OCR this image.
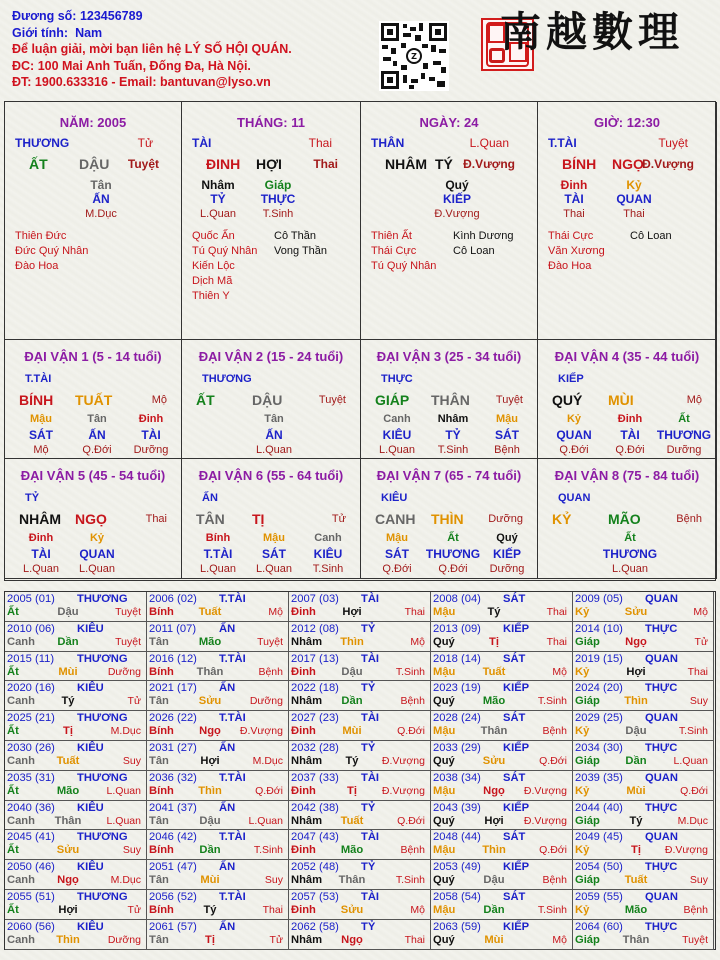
Đương số: 123456789
Giới tính: Nam
Để luận giải, mời bạn liên hệ LÝ SỐ HỘI QUÁN.
ĐC: 100 Mai Anh Tuấn, Đống Đa, Hà Nội.
ĐT: 1900.633316 - Email: bantuvan@lyso.vn
Z
南越數理
NĂM: 2005
THƯƠNG	Tử
ẤT DẬU Tuyệt
Tân
ẤN
M.Dục
Thiên Đức
Đức Quý Nhân
Đào Hoa
THÁNG: 11
TÀI	Thai
ĐINH HỢI	Thai
Nhâm
TỶ
L.Quan
Giáp
THỰC
T.Sinh
Quốc Ấn
Tú Quý Nhân
Kiến Lộc
Dịch Mã
Thiên Y
Cô Thần
Vong Thần
NGÀY: 24
THÂN	L.Quan
NHÂM TÝ Đ.Vượng
Quý
KIẾP
Đ.Vượng
Thiên Ất
Thái Cực
Tú Quý Nhân
Kình Dương
Cô Loan
GIỜ: 12:30
T.TÀI	Tuyệt
BÍNH NGỌ
Đ.Vượng
Đinh
TÀI
Thai
Kỷ
QUAN
Thai
Thái Cực
Văn Xương
Đào Hoa
Cô Loan
ĐẠI VẬN 1 (5 - 14 tuổi)
T.TÀI
BÍNH TUẤT	Mộ
Mậu
SÁT
Mộ
Tân
ẤN
Q.Đới
Đinh
TÀI
Dưỡng
ĐẠI VẬN 2 (15 - 24 tuổi)
THƯƠNG
ẤT	DẬU	Tuyệt
Tân
ẤN
L.Quan
ĐẠI VẬN 3 (25 - 34 tuổi)
THỰC
GIÁP THÂN Tuyệt
Canh
KIÊU
L.Quan
Nhâm
TỶ
T.Sinh
Mậu
SÁT
Bệnh
ĐẠI VẬN 4 (35 - 44 tuổi)
KIẾP
QUÝ MÙI	Mộ
Kỷ
QUAN
Q.Đới
Đinh
TÀI
Q.Đới
Ất
THƯƠNG
Dưỡng
ĐẠI VẬN 5 (45 - 54 tuổi)
TỶ
NHÂM NGỌ	Thai
Đinh
TÀI
L.Quan
Kỷ
QUAN
L.Quan
ĐẠI VẬN 6 (55 - 64 tuổi)
ẤN
TÂN TỊ	Tử
Bính
T.TÀI
L.Quan
Mậu
SÁT
L.Quan
Canh
KIÊU
T.Sinh
ĐẠI VẬN 7 (65 - 74 tuổi)
KIÊU
CANH THÌN Dưỡng
Mậu
SÁT
Q.Đới
Ất
THƯƠNG
Q.Đới
Quý
KIẾP
Dưỡng
ĐẠI VẬN 8 (75 - 84 tuổi)
QUAN
KỶ	MÃO	Bệnh
Ất
THƯƠNG
L.Quan
2005 (01) THƯƠNG
Ất	Dậu	Tuyệt
2006 (02) T.TÀI
Bính	Tuất	Mộ
2007 (03) TÀI
Đinh	Hợi	Thai
2008 (04) SÁT
Mậu	Tý	Thai
2009 (05) QUAN
Kỷ	Sửu	Mộ
2010 (06) KIÊU
Canh	Dần	Tuyệt
2011 (07) ẤN
Tân	Mão	Tuyệt
2012 (08) TỶ
Nhâm	Thìn	Mộ
2013 (09) KIẾP
Quý	Tị	Thai
2014 (10) THỰC
Giáp	Ngọ	Tử
2015 (11) THƯƠNG
Ất	Mùi	Dưỡng
2016 (12) T.TÀI
Bính	Thân	Bệnh
2017 (13) TÀI
Đinh	Dậu	T.Sinh
2018 (14) SÁT
Mậu	Tuất	Mộ
2019 (15) QUAN
Kỷ	Hợi	Thai
2020 (16) KIÊU
Canh	Tý	Tử
2021 (17) ẤN
Tân	Sửu	Dưỡng
2022 (18) TỶ
Nhâm	Dần	Bệnh
2023 (19) KIẾP
Quý	Mão	T.Sinh
2024 (20) THỰC
Giáp	Thìn	Suy
2025 (21) THƯƠNG
Ất	Tị	M.Dục
2026 (22) T.TÀI
Bính	Ngọ	Đ.Vượng
2027 (23) TÀI
Đinh	Mùi	Q.Đới
2028 (24) SÁT
Mậu	Thân	Bệnh
2029 (25) QUAN
Kỷ	Dậu	T.Sinh
2030 (26) KIÊU
Canh	Tuất	Suy
2031 (27) ẤN
Tân	Hợi	M.Dục
2032 (28) TỶ
Nhâm	Tý	Đ.Vượng
2033 (29) KIẾP
Quý	Sửu	Q.Đới
2034 (30) THỰC
Giáp	Dần	L.Quan
2035 (31) THƯƠNG
Ất	Mão	L.Quan
2036 (32) T.TÀI
Bính	Thìn	Q.Đới
2037 (33) TÀI
Đinh	Tị	Đ.Vượng
2038 (34) SÁT
Mậu	Ngọ	Đ.Vượng
2039 (35) QUAN
Kỷ	Mùi	Q.Đới
2040 (36) KIÊU
Canh	Thân	L.Quan
2041 (37) ẤN
Tân	Dậu	L.Quan
2042 (38) TỶ
Nhâm	Tuất	Q.Đới
2043 (39) KIẾP
Quý	Hợi	Đ.Vượng
2044 (40) THỰC
Giáp	Tý	M.Dục
2045 (41) THƯƠNG
Ất	Sửu	Suy
2046 (42) T.TÀI
Bính	Dần	T.Sinh
2047 (43) TÀI
Đinh	Mão	Bệnh
2048 (44) SÁT
Mậu	Thìn	Q.Đới
2049 (45) QUAN
Kỷ	Tị	Đ.Vượng
2050 (46) KIÊU
Canh	Ngọ	M.Dục
2051 (47) ẤN
Tân	Mùi	Suy
2052 (48) TỶ
Nhâm	Thân	T.Sinh
2053 (49) KIẾP
Quý	Dậu	Bệnh
2054 (50) THỰC
Giáp	Tuất	Suy
2055 (51) THƯƠNG
Ất	Hợi	Tử
2056 (52) T.TÀI
Bính	Tý	Thai
2057 (53) TÀI
Đinh	Sửu	Mộ
2058 (54) SÁT
Mậu	Dần	T.Sinh
2059 (55) QUAN
Kỷ	Mão	Bệnh
2060 (56) KIÊU
Canh	Thìn	Dưỡng
2061 (57) ẤN
Tân	Tị	Tử
2062 (58) TỶ
Nhâm	Ngọ	Thai
2063 (59) KIẾP
Quý	Mùi	Mộ
2064 (60) THỰC
Giáp	Thân	Tuyệt
